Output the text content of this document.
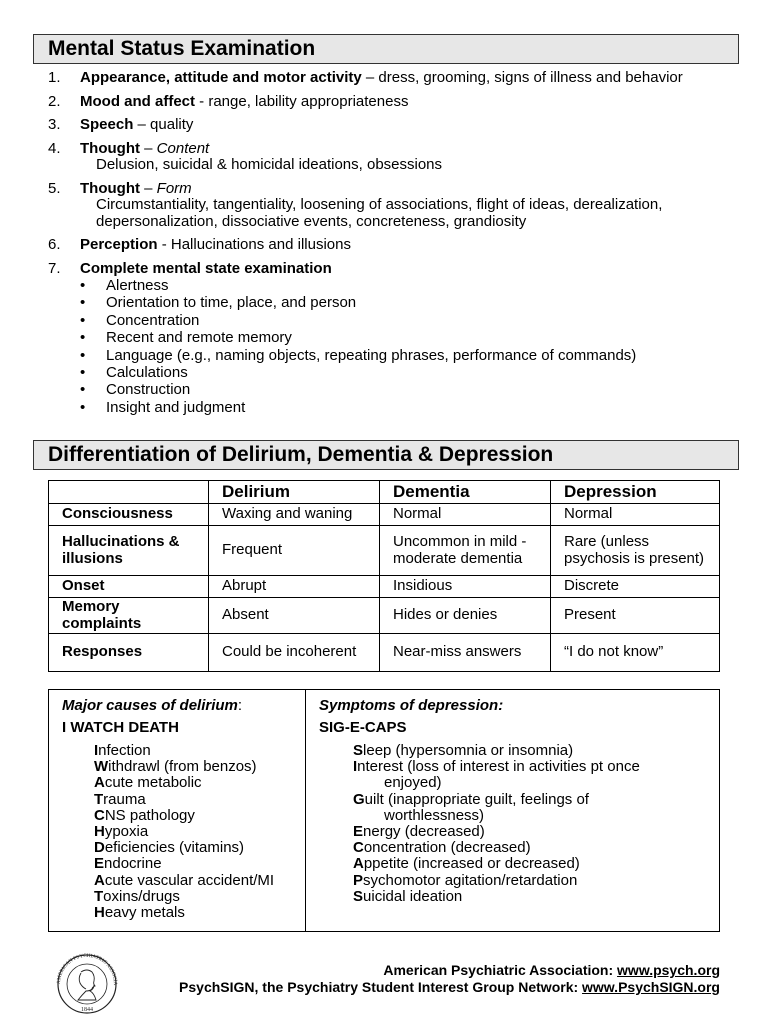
Mental Status Examination
1. Appearance, attitude and motor activity – dress, grooming, signs of illness and behavior
2. Mood and affect - range, lability appropriateness
3. Speech – quality
4. Thought – Content
Delusion, suicidal & homicidal ideations, obsessions
5. Thought – Form
Circumstantiality, tangentiality, loosening of associations, flight of ideas, derealization, depersonalization, dissociative events, concreteness, grandiosity
6. Perception - Hallucinations and illusions
7. Complete mental state examination
• Alertness
• Orientation to time, place, and person
• Concentration
• Recent and remote memory
• Language (e.g., naming objects, repeating phrases, performance of commands)
• Calculations
• Construction
• Insight and judgment
Differentiation of Delirium, Dementia & Depression
	Delirium	Dementia	Depression
Consciousness	Waxing and waning	Normal	Normal
Hallucinations & illusions	Frequent	Uncommon in mild - moderate dementia	Rare (unless psychosis is present)
Onset	Abrupt	Insidious	Discrete
Memory complaints	Absent	Hides or denies	Present
Responses	Could be incoherent	Near-miss answers	“I do not know”
Major causes of delirium:
I WATCH DEATH
Infection
Withdrawl (from benzos)
Acute metabolic
Trauma
CNS pathology
Hypoxia
Deficiencies (vitamins)
Endocrine
Acute vascular accident/MI
Toxins/drugs
Heavy metals
Symptoms of depression:
SIG-E-CAPS
Sleep (hypersomnia or insomnia)
Interest (loss of interest in activities pt once
enjoyed)
Guilt (inappropriate guilt, feelings of
worthlessness)
Energy (decreased)
Concentration (decreased)
Appetite (increased or decreased)
Psychomotor agitation/retardation
Suicidal ideation
AMERICAN PSYCHIATRIC ASSOCIA
1844
American Psychiatric Association: www.psych.org
PsychSIGN, the Psychiatry Student Interest Group Network: www.PsychSIGN.org
